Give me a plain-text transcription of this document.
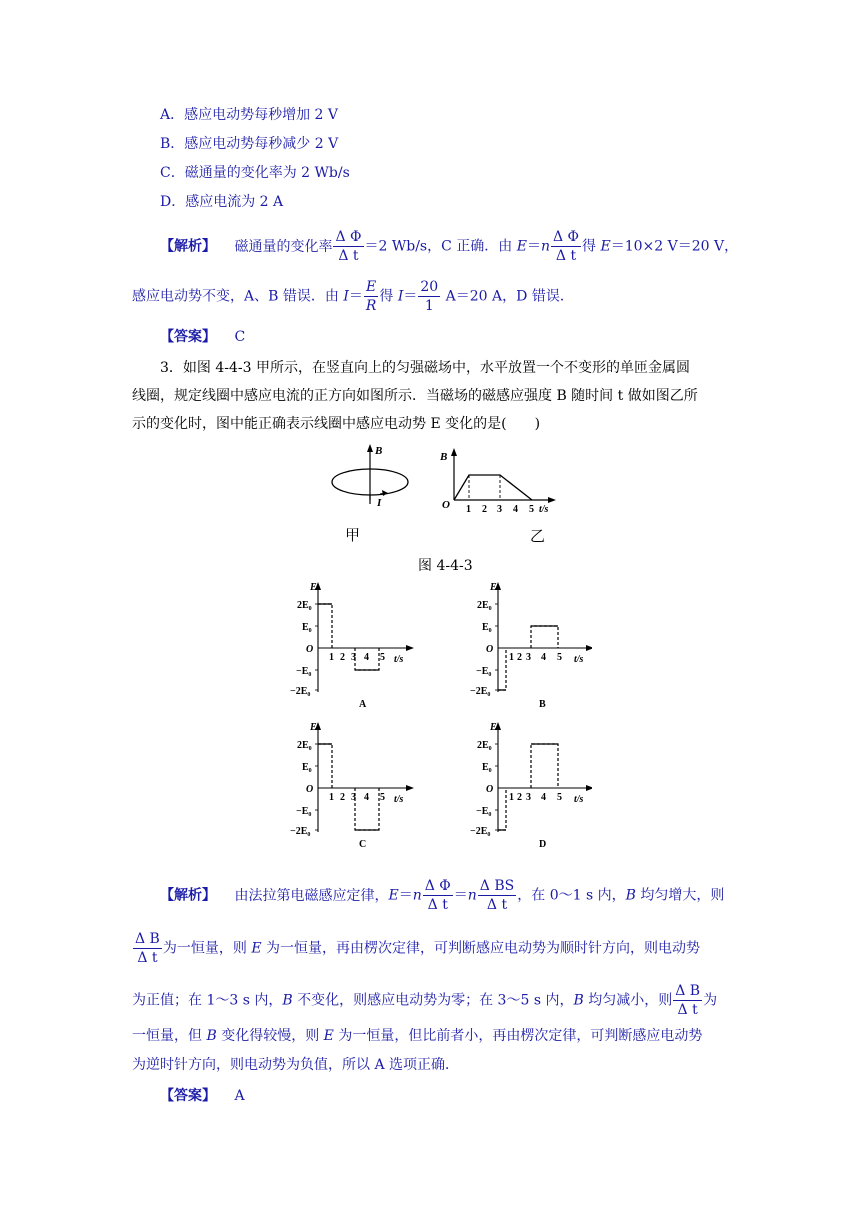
A．感应电动势每秒增加 2 V
B．感应电动势每秒减少 2 V
C．磁通量的变化率为 2 Wb/s
D．感应电流为 2 A
【解析】 磁通量的变化率 $\frac{\text{Δ Φ}}{\text{Δ t}} =2$ Wb/s，C 正确．由 $E=n \frac{\text{Δ Φ}}{\text{Δ t}}$ 得 E＝10×2 V＝20 V，
感应电动势不变，A、B 错误．由 $I= \frac{E}{R}$ 得 $I= \frac{20}{1} A=20$ A，D 错误．
【答案】 C
3．如图 4-4-3 甲所示，在竖直向上的匀强磁场中，水平放置一个不变形的单匝金属圆
线圈，规定线圈中感应电流的正方向如图所示．当磁场的磁感应强度 B 随时间 t 做如图乙所
示的变化时，图中能正确表示线圈中感应电动势 E 变化的是(　　)
B
I
B
O 1 2 3 4 5 t/s
甲	乙
图 4-4-3
E
2E₀
E₀
O
−E₀
−2E₀
1 2 3 4 5 t/s
A
E
2E₀
E₀
O
−E₀
−2E₀
1 2 3 4 5 t/s
B
E
2E₀
E₀
O
−E₀
−2E₀
1 2 3 4 5 t/s
C
E
2E₀
E₀
O
−E₀
−2E₀
1 2 3 4 5 t/s
D
【解析】 由法拉第电磁感应定律，$E=n \frac{\text{Δ Φ}}{\text{Δ t}} =n \frac{\text{Δ BS}}{\text{Δ t}}$ ，在 0～1 s 内，B 均匀增大，则
$\frac{\text{Δ B}}{\text{Δ t}}$ 为一恒量，则 E 为一恒量，再由楞次定律，可判断感应电动势为顺时针方向，则电动势
为正值；在 1～3 s 内，B 不变化，则感应电动势为零；在 3～5 s 内，B 均匀减小，则 $\frac{\text{Δ B}}{\text{Δ t}}$ 为
一恒量，但 B 变化得较慢，则 E 为一恒量，但比前者小，再由楞次定律，可判断感应电动势
为逆时针方向，则电动势为负值，所以 A 选项正确．
【答案】 A
